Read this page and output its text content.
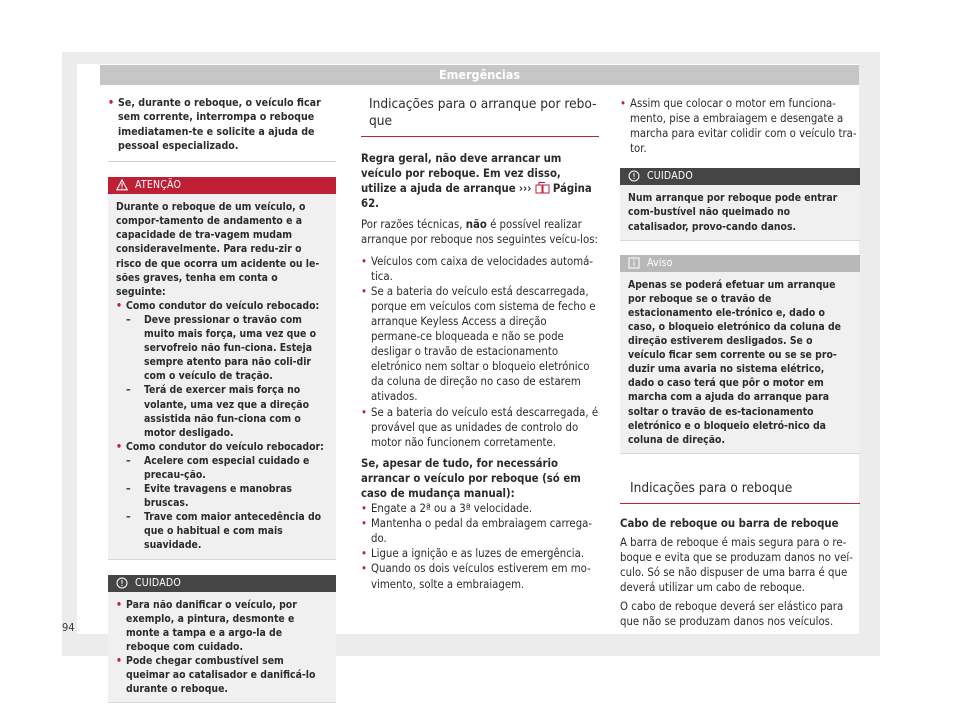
Emergências
• Se, durante o reboque, o veículo ficar sem corrente, interrompa o reboque imediatamen-te e solicite a ajuda de pessoal especializado.
ATENÇÃO

Durante o reboque de um veículo, o compor-tamento de andamento e a capacidade de tra-vagem mudam consideravelmente. Para redu-zir o risco de que ocorra um acidente ou le-sões graves, tenha em conta o seguinte:

• Como condutor do veículo rebocado:
– Deve pressionar o travão com muito mais força, uma vez que o servofreio não fun-ciona. Esteja sempre atento para não coli-dir com o veículo de tração.
– Terá de exercer mais força no volante, uma vez que a direção assistida não fun-ciona com o motor desligado.
• Como condutor do veículo rebocador:
– Acelere com especial cuidado e precau-ção.
– Evite travagens e manobras bruscas.
– Trave com maior antecedência do que o habitual e com mais suavidade.
CUIDADO
• Para não danificar o veículo, por exemplo, a pintura, desmonte e monte a tampa e a argo-la de reboque com cuidado.
• Pode chegar combustível sem queimar ao catalisador e danificá-lo durante o reboque.
94
Indicações para o arranque por rebo-que

Regra geral, não deve arrancar um veículo por reboque. Em vez disso, utilize a ajuda de arranque ››› Página 62.

Por razões técnicas, não é possível realizar arranque por reboque nos seguintes veícu-los:

• Veículos com caixa de velocidades automá-tica.
• Se a bateria do veículo está descarregada, porque em veículos com sistema de fecho e arranque Keyless Access a direção permane-ce bloqueada e não se pode desligar o travão de estacionamento eletrónico nem soltar o bloqueio eletrónico da coluna de direção no caso de estarem ativados.
• Se a bateria do veículo está descarregada, é provável que as unidades de controlo do motor não funcionem corretamente.

Se, apesar de tudo, for necessário arrancar o veículo por reboque (só em caso de mudança manual):

• Engate a 2ª ou a 3ª velocidade.
• Mantenha o pedal da embraiagem carrega-do.
• Ligue a ignição e as luzes de emergência.
• Quando os dois veículos estiverem em mo-vimento, solte a embraiagem.
• Assim que colocar o motor em funciona-mento, pise a embraiagem e desengate a marcha para evitar colidir com o veículo tra-tor.
CUIDADO
Num arranque por reboque pode entrar com-bustível não queimado no catalisador, provo-cando danos.
Aviso
Apenas se poderá efetuar um arranque por reboque se o travão de estacionamento ele-trónico e, dado o caso, o bloqueio eletrónico da coluna de direção estiverem desligados. Se o veículo ficar sem corrente ou se se pro-duzir uma avaria no sistema elétrico, dado o caso terá que pôr o motor em marcha com a ajuda do arranque para soltar o travão de es-tacionamento eletrónico e o bloqueio eletró-nico da coluna de direção.
Indicações para o reboque

Cabo de reboque ou barra de reboque

A barra de reboque é mais segura para o re-boque e evita que se produzam danos no veí-culo. Só se não dispuser de uma barra é que deverá utilizar um cabo de reboque.

O cabo de reboque deverá ser elástico para que não se produzam danos nos veículos.
